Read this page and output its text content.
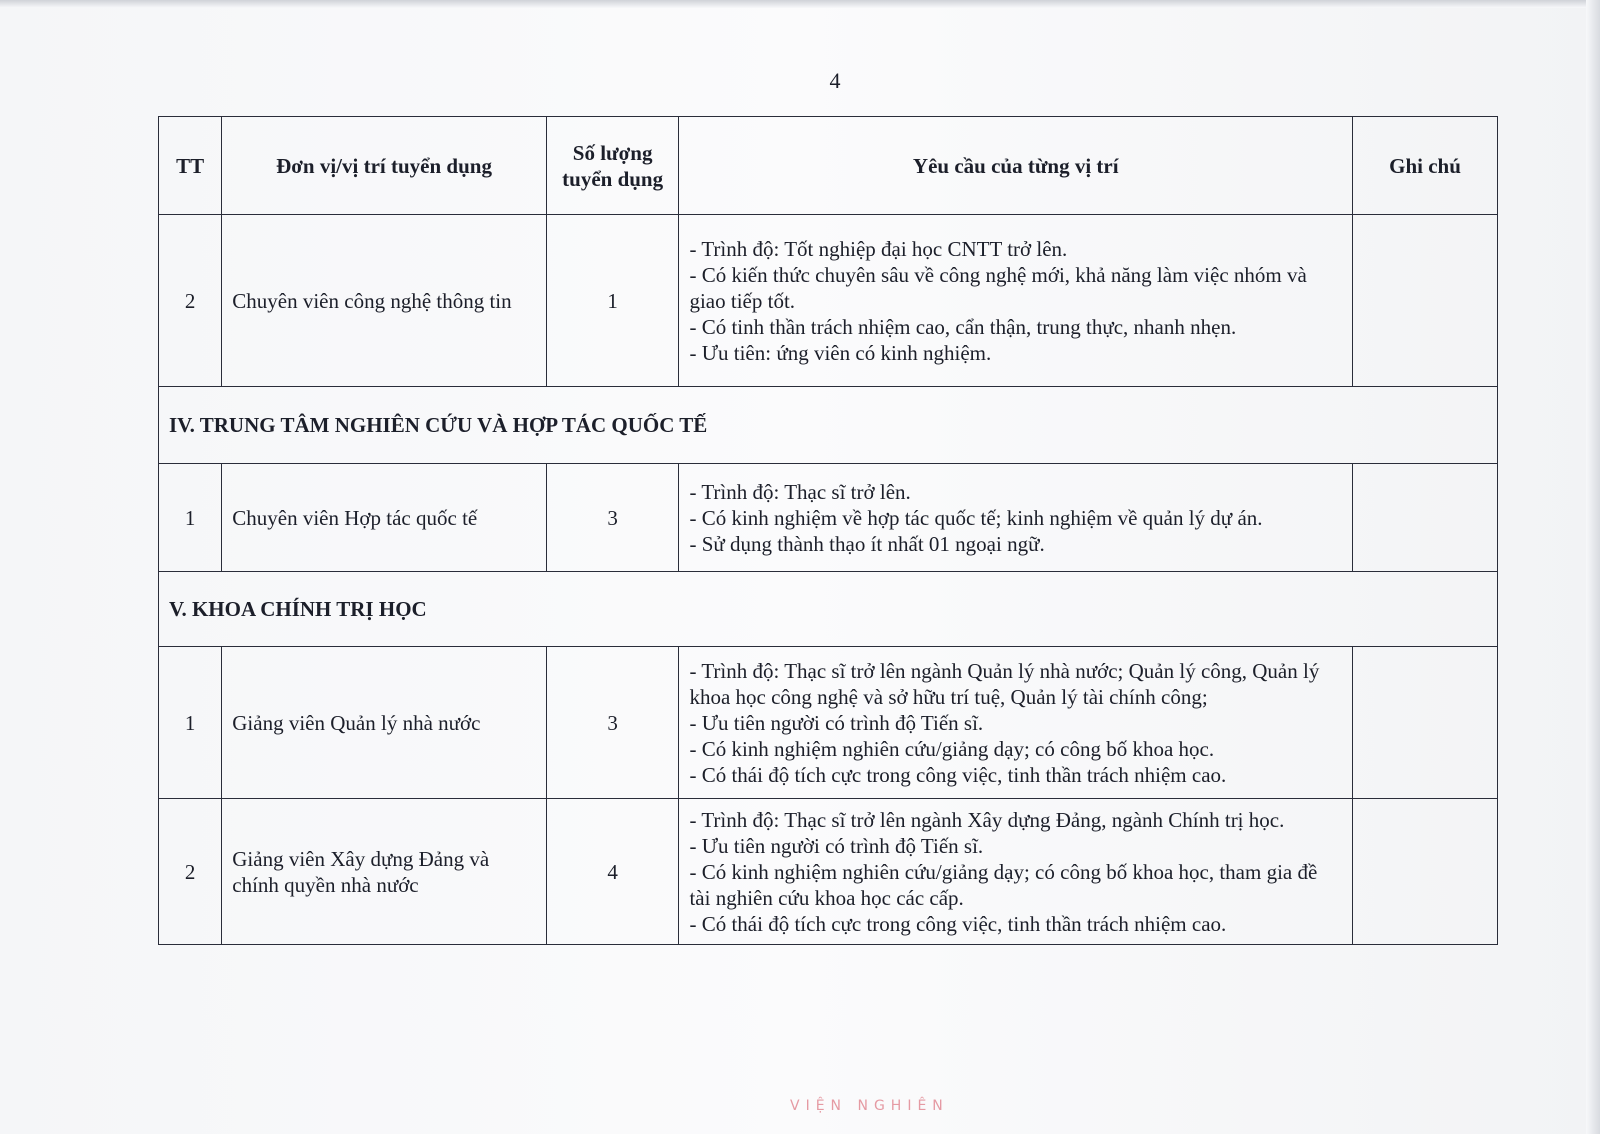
4
TT	Đơn vị/vị trí tuyển dụng	Số lượng tuyển dụng	Yêu cầu của từng vị trí	Ghi chú
2	Chuyên viên công nghệ thông tin	1	- Trình độ: Tốt nghiệp đại học CNTT trở lên.
- Có kiến thức chuyên sâu về công nghệ mới, khả năng làm việc nhóm và giao tiếp tốt.
- Có tinh thần trách nhiệm cao, cẩn thận, trung thực, nhanh nhẹn.
- Ưu tiên: ứng viên có kinh nghiệm.	

IV. TRUNG TÂM NGHIÊN CỨU VÀ HỢP TÁC QUỐC TẾ				
1	Chuyên viên Hợp tác quốc tế	3	- Trình độ: Thạc sĩ trở lên.
- Có kinh nghiệm về hợp tác quốc tế; kinh nghiệm về quản lý dự án.
- Sử dụng thành thạo ít nhất 01 ngoại ngữ.	

V. KHOA CHÍNH TRỊ HỌC				
1	Giảng viên Quản lý nhà nước	3	- Trình độ: Thạc sĩ trở lên ngành Quản lý nhà nước; Quản lý công, Quản lý khoa học công nghệ và sở hữu trí tuệ, Quản lý tài chính công;
- Ưu tiên người có trình độ Tiến sĩ.
- Có kinh nghiệm nghiên cứu/giảng dạy; có công bố khoa học.
- Có thái độ tích cực trong công việc, tinh thần trách nhiệm cao.	

2	Giảng viên Xây dựng Đảng và chính quyền nhà nước	4	- Trình độ: Thạc sĩ trở lên ngành Xây dựng Đảng, ngành Chính trị học.
- Ưu tiên người có trình độ Tiến sĩ.
- Có kinh nghiệm nghiên cứu/giảng dạy; có công bố khoa học, tham gia đề tài nghiên cứu khoa học các cấp.
- Có thái độ tích cực trong công việc, tinh thần trách nhiệm cao.	

VIỆN NGHIÊN
